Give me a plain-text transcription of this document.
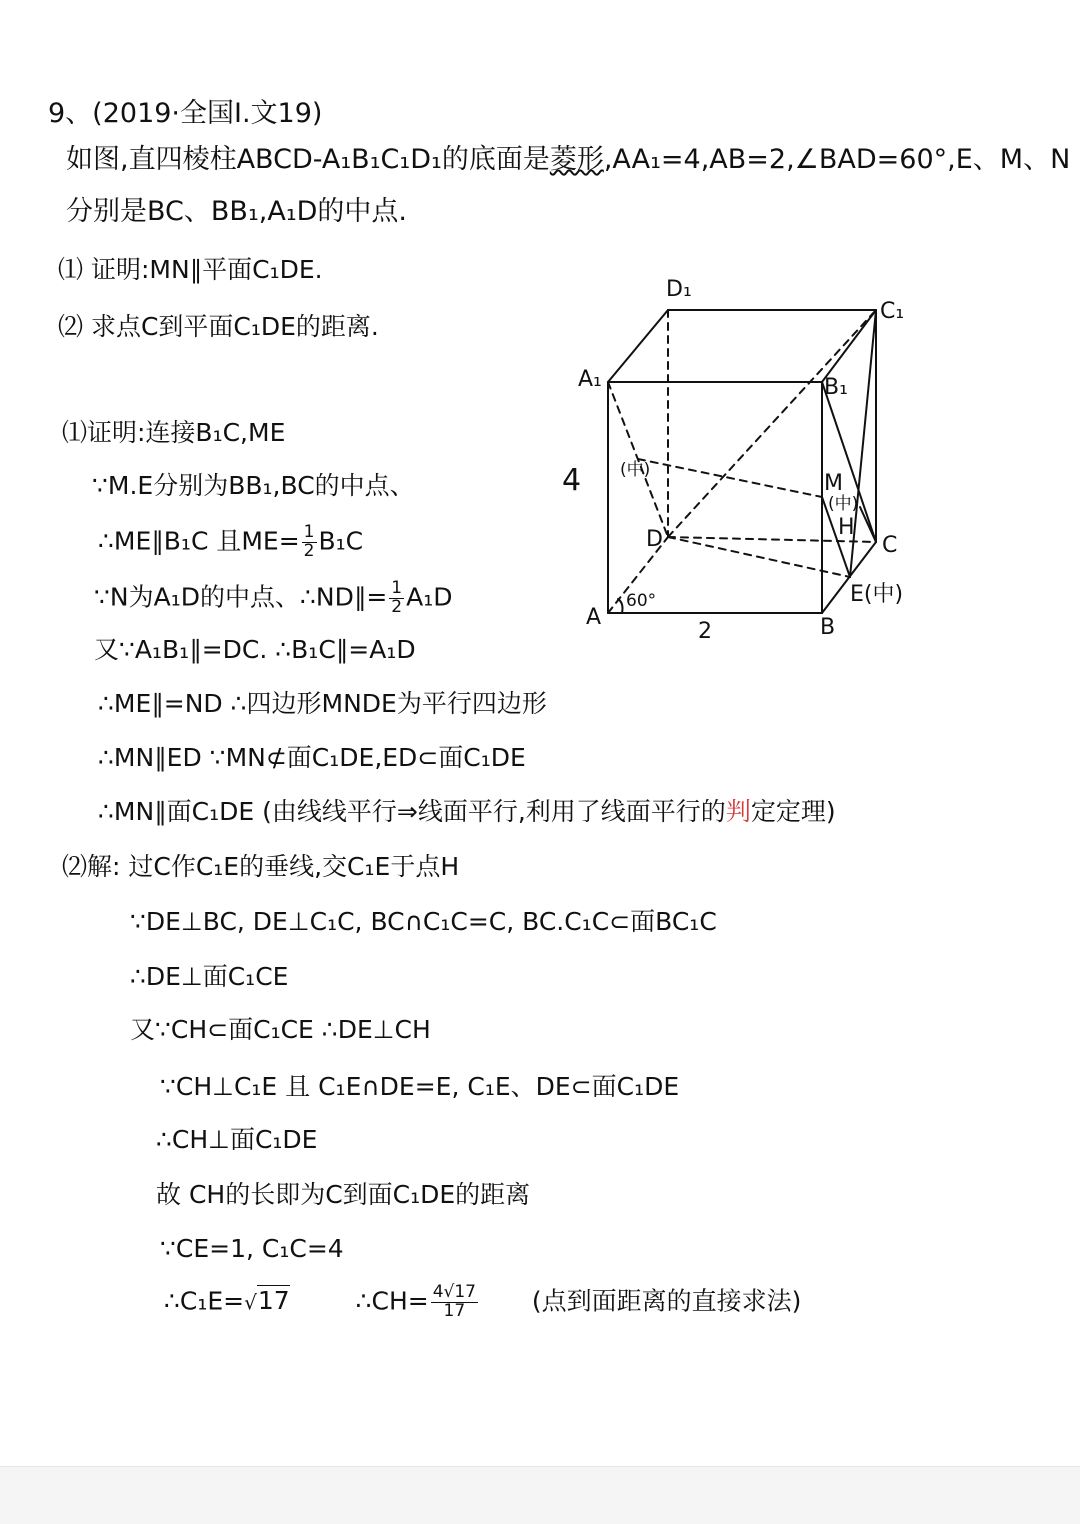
9、(2019·全国Ⅰ.文19)
如图,直四棱柱ABCD-A₁B₁C₁D₁的底面是菱形,AA₁=4,AB=2,∠BAD=60°,E、M、N
分别是BC、BB₁,A₁D的中点.
⑴ 证明:MN∥平面C₁DE.
⑵ 求点C到平面C₁DE的距离.
⑴证明:连接B₁C,ME
∵M.E分别为BB₁,BC的中点、
∴ME∥B₁C 且$ME= \frac{1}{2} B_1C$
∵N为A₁D的中点、∴ND∥= $\frac{1}{2} A_1D$
又∵A₁B₁∥=DC. ∴B₁C∥=A₁D
∴ME∥=ND ∴四边形MNDE为平行四边形
∴MN∥ED ∵MN⊄面C₁DE,ED⊂面C₁DE
∴MN∥面C₁DE (由线线平行⇒线面平行,利用了线面平行的判定定理)
⑵解: 过C作C₁E的垂线,交C₁E于点H
∵DE⊥BC, DE⊥C₁C, BC∩C₁C=C, BC.C₁C⊂面BC₁C
∴DE⊥面C₁CE
又∵CH⊂面C₁CE ∴DE⊥CH
∵CH⊥C₁E 且 C₁E∩DE=E, C₁E、DE⊂面C₁DE
∴CH⊥面C₁DE
故 CH的长即为C到面C₁DE的距离
∵CE=1, C₁C=4
∴C₁E=√17	∴CH= $\frac{4√17}{17}$ (点到面距离的直接求法)
D₁
C₁
A₁	B₁
D	C
A	B
M
(中)
H
E(中)
(中)
4
2
60°
